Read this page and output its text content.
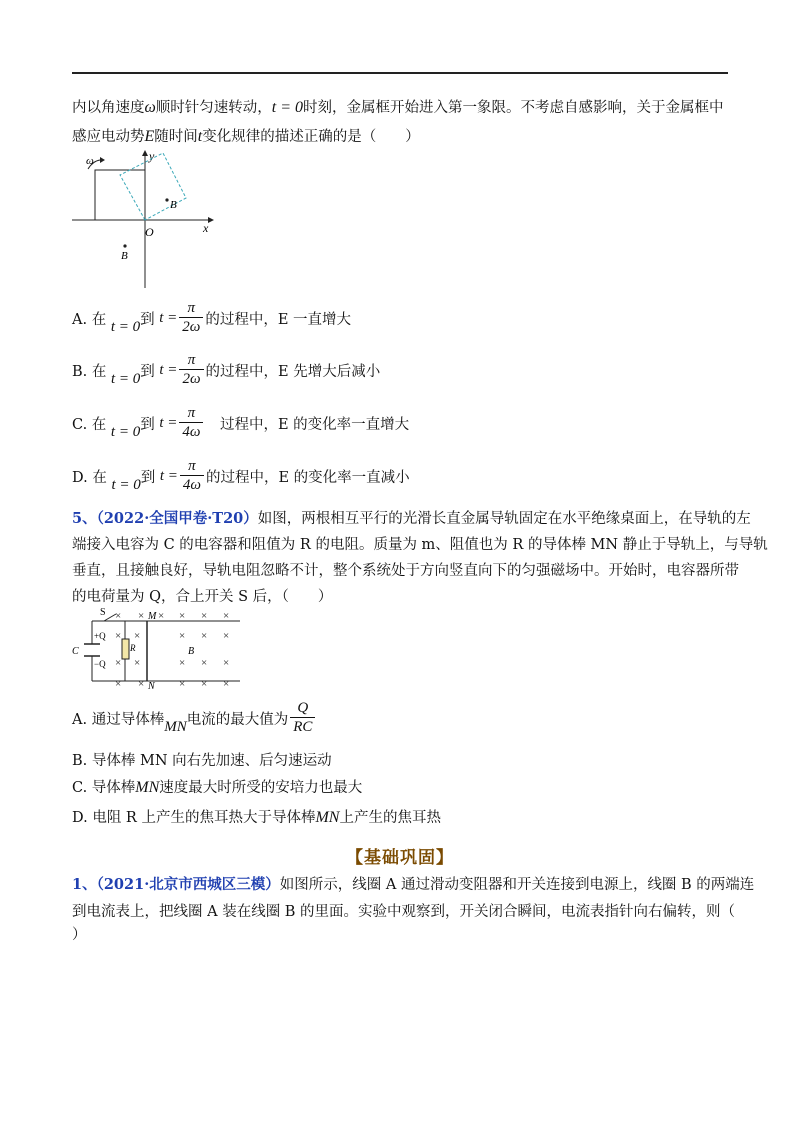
内以角速度ω顺时针匀速转动，t = 0时刻，金属框开始进入第一象限。不考虑自感影响，关于金属框中
感应电动势E随时间t变化规律的描述正确的是（　　）
y
x
O
ω
B
B
A. 在 t = 0到 $t = \frac{\pi}{2\omega}$ 的过程中，E 一直增大
B. 在 t = 0到 $t = \frac{\pi}{2\omega}$ 的过程中，E 先增大后减小
C. 在 t = 0到 $t = \frac{\pi}{4\omega}$ 　过程中，E 的变化率一直增大
D. 在 t = 0到 $t = \frac{\pi}{4\omega}$ 的过程中，E 的变化率一直减小
5、（2022·全国甲卷·T20）如图，两根相互平行的光滑长直金属导轨固定在水平绝缘桌面上，在导轨的左
端接入电容为 C 的电容器和阻值为 R 的电阻。质量为 m、阻值也为 R 的导体棒 MN 静止于导轨上，与导轨
垂直，且接触良好，导轨电阻忽略不计，整个系统处于方向竖直向下的匀强磁场中。开始时，电容器所带
的电荷量为 Q，合上开关 S 后，（　　）
S
C
+Q
−Q
R
M
N
B
× × × × × ×
× ×	× × ×
× ×	× × ×
× ×	× × ×
A. 通过导体棒MN电流的最大值为 $\frac{Q}{RC}$
B. 导体棒 MN 向右先加速、后匀速运动
C. 导体棒MN速度最大时所受的安培力也最大
D. 电阻 R 上产生的焦耳热大于导体棒MN上产生的焦耳热
【基础巩固】
1、（2021·北京市西城区三模）如图所示，线圈 A 通过滑动变阻器和开关连接到电源上，线圈 B 的两端连
到电流表上，把线圈 A 装在线圈 B 的里面。实验中观察到，开关闭合瞬间，电流表指针向右偏转，则（
）
